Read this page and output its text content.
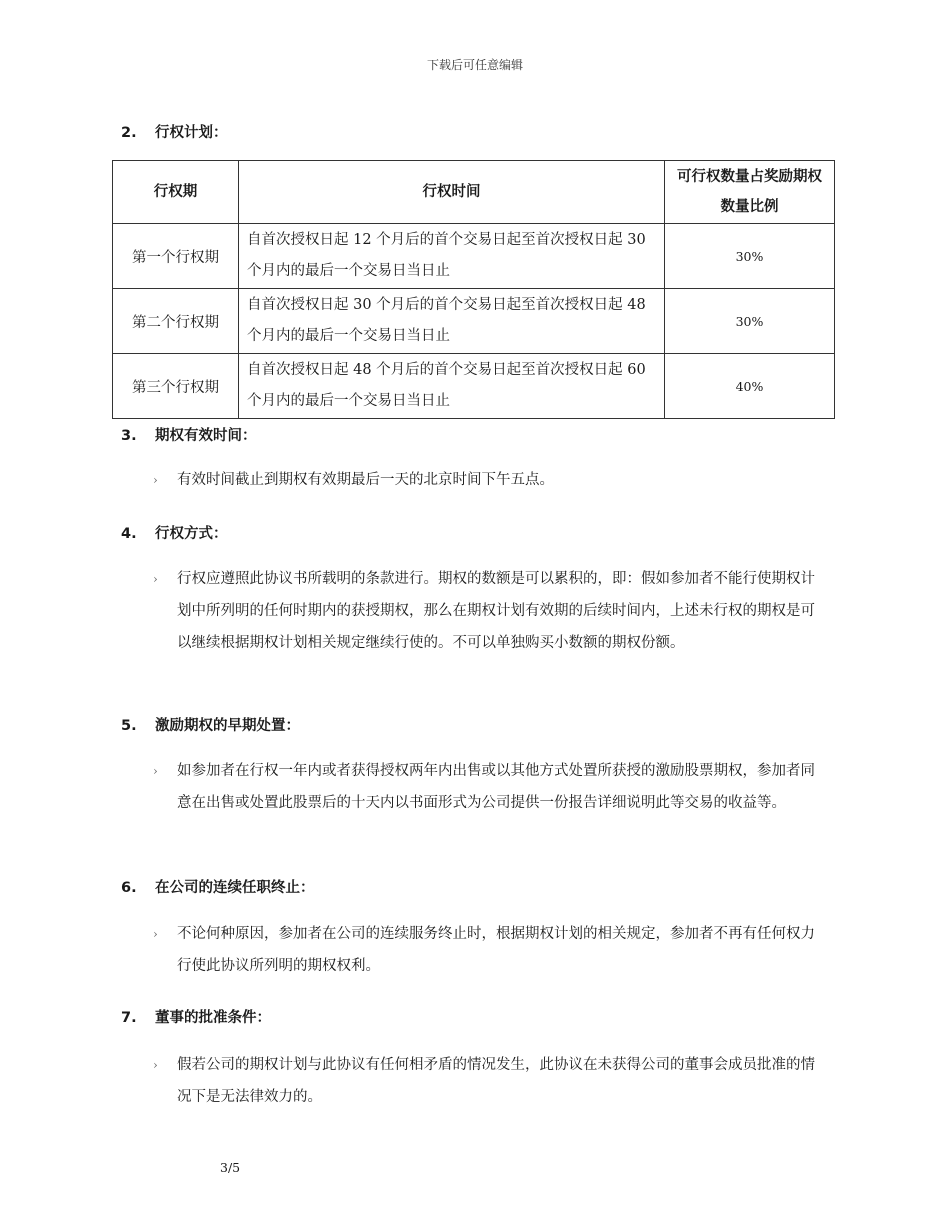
下载后可任意编辑
2. 行权计划：
行权期	行权时间	可行权数量占奖励期权数量比例
第一个行权期	自首次授权日起 12 个月后的首个交易日起至首次授权日起 30 个月内的最后一个交易日当日止	30%
第二个行权期	自首次授权日起 30 个月后的首个交易日起至首次授权日起 48 个月内的最后一个交易日当日止	30%
第三个行权期	自首次授权日起 48 个月后的首个交易日起至首次授权日起 60 个月内的最后一个交易日当日止	40%
3. 期权有效时间：
› 有效时间截止到期权有效期最后一天的北京时间下午五点。
4. 行权方式：
› 行权应遵照此协议书所载明的条款进行。期权的数额是可以累积的，即：假如参加者不能行使期权计划中所列明的任何时期内的获授期权，那么在期权计划有效期的后续时间内，上述未行权的期权是可以继续根据期权计划相关规定继续行使的。不可以单独购买小数额的期权份额。
5. 激励期权的早期处置：
› 如参加者在行权一年内或者获得授权两年内出售或以其他方式处置所获授的激励股票期权，参加者同意在出售或处置此股票后的十天内以书面形式为公司提供一份报告详细说明此等交易的收益等。
6. 在公司的连续任职终止：
› 不论何种原因，参加者在公司的连续服务终止时，根据期权计划的相关规定，参加者不再有任何权力行使此协议所列明的期权权利。
7. 董事的批准条件：
› 假若公司的期权计划与此协议有任何相矛盾的情况发生，此协议在未获得公司的董事会成员批准的情况下是无法律效力的。
3/5
